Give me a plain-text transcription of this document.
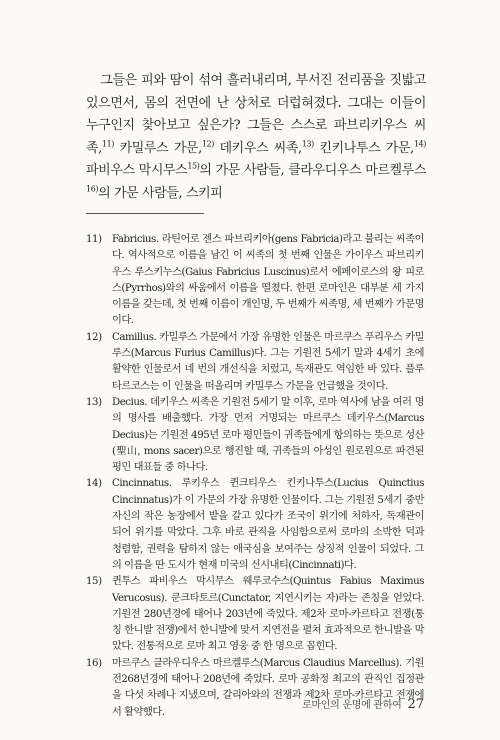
그들은 피와 땀이 섞여 흘러내리며, 부서진 전리품을 짓밟고 있으면서, 몸의 전면에 난 상처로 더럽혀졌다. 그대는 이들이 누구인지 찾아보고 싶은가? 그들은 스스로 파브리키우스 씨족,$^{11)}$ 카밀루스 가문,$^{12)}$ 데키우스 씨족,$^{13)}$ 킨키나투스 가문,$^{14)}$ 파비우스 막시무스$^{15)}$의 가문 사람들, 클라우디우스 마르켈루스$^{16)}$의 가문 사람들, 스키피

11) Fabricius. 라틴어로 젠스 파브리키아(gens Fabricia)라고 불리는 씨족이다. 역사적으로 이름을 남긴 이 씨족의 첫 번째 인물은 가이우스 파브리키우스 루스키누스(Gaius Fabricius Luscinus)로서 에페이로스의 왕 피로스(Pyrrhos)와의 싸움에서 이름을 떨쳤다. 한편 로마인은 대부분 세 가지 이름을 갖는데, 첫 번째 이름이 개인명, 두 번째가 씨족명, 세 번째가 가문명이다.
12) Camillus. 카밀루스 가문에서 가장 유명한 인물은 마르쿠스 푸리우스 카밀루스(Marcus Furius Camillus)다. 그는 기원전 5세기 말과 4세기 초에 활약한 인물로서 네 번의 개선식을 치렀고, 독재관도 역임한 바 있다. 플루타르코스는 이 인물을 떠올리며 카밀루스 가문을 언급했을 것이다.
13) Decius. 데키우스 씨족은 기원전 5세기 말 이후, 로마 역사에 남을 여러 명의 명사를 배출했다. 가장 먼저 거명되는 마르쿠스 데키우스(Marcus Decius)는 기원전 495년 로마 평민들이 귀족들에게 항의하는 뜻으로 성산(聖山, mons sacer)으로 행진할 때, 귀족들의 아성인 원로원으로 파견된 평민 대표들 중 하나다.
14) Cincinnatus. 루키우스 퀸크티우스 킨키나투스(Lucius Quinctius Cincinnatus)가 이 가문의 가장 유명한 인물이다. 그는 기원전 5세기 중반 자신의 작은 농장에서 밭을 갈고 있다가 조국이 위기에 처하자, 독재관이 되어 위기를 막았다. 그후 바로 관직을 사임함으로써 로마의 소박한 덕과 청렴함, 권력을 탐하지 않는 애국심을 보여주는 상징적 인물이 되었다. 그의 이름을 딴 도시가 현재 미국의 신시내티(Cincinnati)다.
15) 퀸투스 파비우스 막시무스 웨루코수스(Quintus Fabius Maximus Verucosus). 쿤크타토르(Cunctator, 지연시키는 자)라는 존칭을 얻었다. 기원전 280년경에 태어나 203년에 죽었다. 제2차 로마-카르타고 전쟁(통칭 한니발 전쟁)에서 한니발에 맞서 지연전을 펼쳐 효과적으로 한니발을 막았다. 전통적으로 로마 최고 영웅 중 한 명으로 꼽힌다.
16) 마르쿠스 클라우디우스 마르켈루스(Marcus Claudius Marcellus). 기원전268년경에 태어나 208년에 죽었다. 로마 공화정 최고의 관직인 집정관을 다섯 차례나 지냈으며, 갈리아와의 전쟁과 제2차 로마-카르타고 전쟁에서 활약했다.
로마인의 운명에 관하여 27
